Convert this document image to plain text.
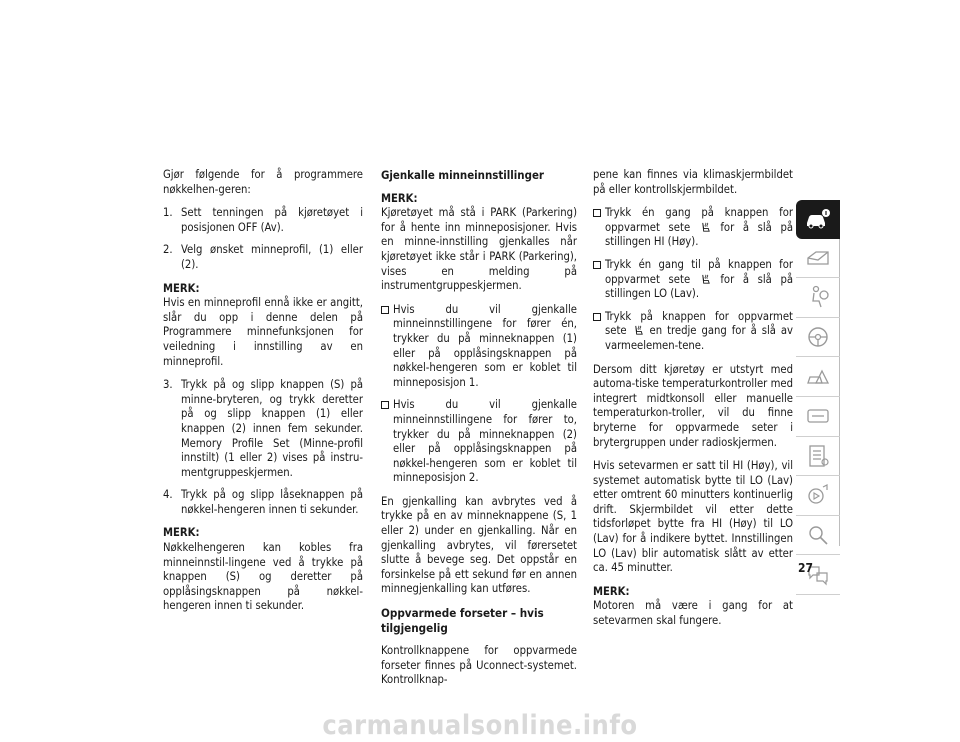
Gjør følgende for å programmere nøkkelhen-geren:

1. Sett tenningen på kjøretøyet i posisjonen OFF (Av).
2. Velg ønsket minneprofil, (1) eller (2).
MERK:
Hvis en minneprofil ennå ikke er angitt, slår du opp i denne delen på Programmere minnefunksjonen for veiledning i innstilling av en minneprofil.
3. Trykk på og slipp knappen (S) på minne-bryteren, og trykk deretter på og slipp knappen (1) eller knappen (2) innen fem sekunder. Memory Profile Set (Minne-profil innstilt) (1 eller 2) vises på instru-mentgruppeskjermen.
4. Trykk på og slipp låseknappen på nøkkel-hengeren innen ti sekunder.
MERK:
Nøkkelhengeren kan kobles fra minneinnstil-lingene ved å trykke på knappen (S) og deretter på opplåsingsknappen på nøkkel-hengeren innen ti sekunder.
Gjenkalle minneinnstillinger
MERK:
Kjøretøyet må stå i PARK (Parkering) for å hente inn minneposisjoner. Hvis en minne-innstilling gjenkalles når kjøretøyet ikke står i PARK (Parkering), vises en melding på instrumentgruppeskjermen.
Hvis du vil gjenkalle minneinnstillingene for fører én, trykker du på minneknappen (1) eller på opplåsingsknappen på nøkkel-hengeren som er koblet til minneposisjon 1.
Hvis du vil gjenkalle minneinnstillingene for fører to, trykker du på minneknappen (2) eller på opplåsingsknappen på nøkkel-hengeren som er koblet til minneposisjon 2.

En gjenkalling kan avbrytes ved å trykke på en av minneknappene (S, 1 eller 2) under en gjenkalling. Når en gjenkalling avbrytes, vil førersetet slutte å bevege seg. Det oppstår en forsinkelse på ett sekund før en annen minnegjenkalling kan utføres.

Oppvarmede forseter – hvis tilgjengelig

Kontrollknappene for oppvarmede forseter finnes på Uconnect-systemet. Kontrollknap-

pene kan finnes via klimaskjermbildet på eller kontrollskjermbildet.

Trykk én gang på knappen for oppvarmet sete	for å slå på stillingen HI (Høy).
Trykk én gang til på knappen for oppvarmet sete	for å slå på stillingen LO (Lav).
Trykk på knappen for oppvarmet sete en tredje gang for å slå av varmeelemen-tene.

Dersom ditt kjøretøy er utstyrt med automa-tiske temperaturkontroller med integrert midtkonsoll eller manuelle temperaturkon-troller, vil du finne bryterne for oppvarmede seter i brytergruppen under radioskjermen.

Hvis setevarmen er satt til HI (Høy), vil systemet automatisk bytte til LO (Lav) etter omtrent 60 minutters kontinuerlig drift. Skjermbildet vil etter dette tidsforløpet bytte fra HI (Høy) til LO (Lav) for å indikere byttet. Innstillingen LO (Lav) blir automatisk slått av etter ca. 45 minutter.

MERK:
Motoren må være i gang for at setevarmen skal fungere.
27
carmanualsonline.info
